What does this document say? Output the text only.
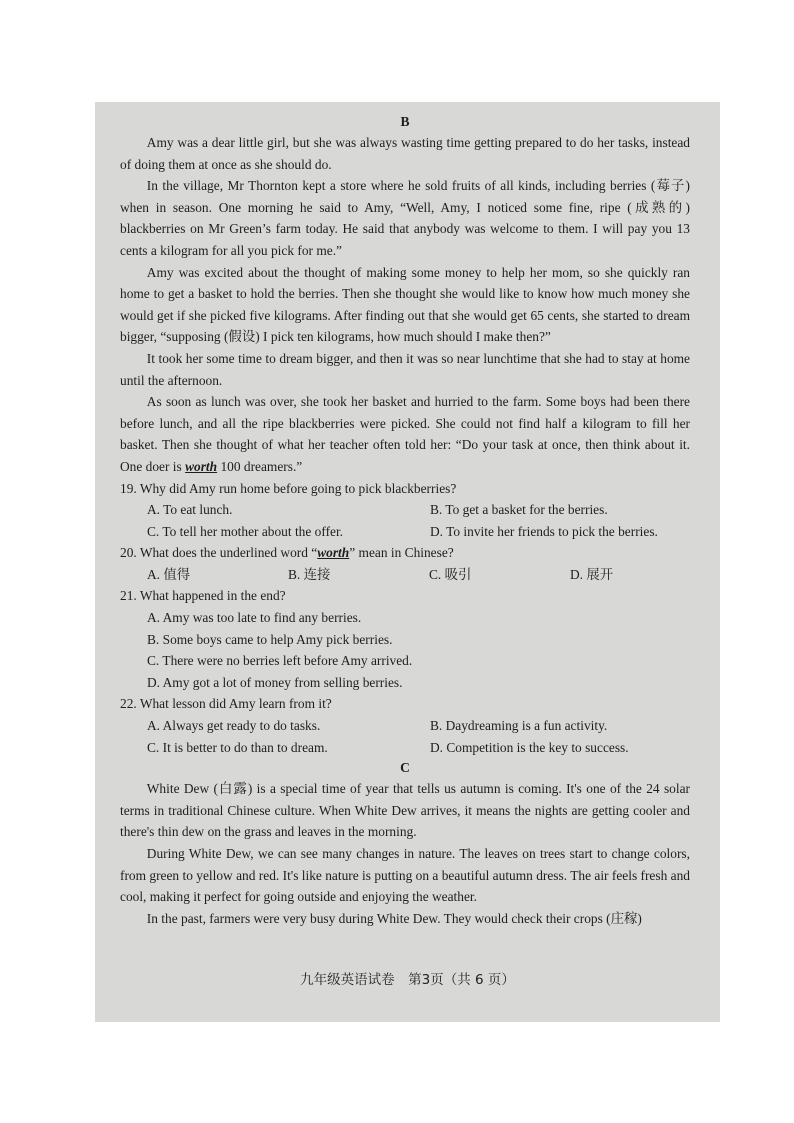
B

Amy was a dear little girl, but she was always wasting time getting prepared to do her tasks, instead of doing them at once as she should do.

In the village, Mr Thornton kept a store where he sold fruits of all kinds, including berries (莓子) when in season. One morning he said to Amy, “Well, Amy, I noticed some fine, ripe (成熟的) blackberries on Mr Green’s farm today. He said that anybody was welcome to them. I will pay you 13 cents a kilogram for all you pick for me.”

Amy was excited about the thought of making some money to help her mom, so she quickly ran home to get a basket to hold the berries. Then she thought she would like to know how much money she would get if she picked five kilograms. After finding out that she would get 65 cents, she started to dream bigger, “supposing (假设) I pick ten kilograms, how much should I make then?”

It took her some time to dream bigger, and then it was so near lunchtime that she had to stay at home until the afternoon.

As soon as lunch was over, she took her basket and hurried to the farm. Some boys had been there before lunch, and all the ripe blackberries were picked. She could not find half a kilogram to fill her basket. Then she thought of what her teacher often told her: “Do your task at once, then think about it. One doer is worth 100 dreamers.”

19. Why did Amy run home before going to pick blackberries?
A. To eat lunch.	B. To get a basket for the berries.
C. To tell her mother about the offer.	D. To invite her friends to pick the berries.
20. What does the underlined word “worth” mean in Chinese?
A. 值得	B. 连接	C. 吸引	D. 展开
21. What happened in the end?
A. Amy was too late to find any berries.
B. Some boys came to help Amy pick berries.
C. There were no berries left before Amy arrived.
D. Amy got a lot of money from selling berries.
22. What lesson did Amy learn from it?
A. Always get ready to do tasks.	B. Daydreaming is a fun activity.
C. It is better to do than to dream.	D. Competition is the key to success.
C

White Dew (白露) is a special time of year that tells us autumn is coming. It's one of the 24 solar terms in traditional Chinese culture. When White Dew arrives, it means the nights are getting cooler and there's thin dew on the grass and leaves in the morning.

During White Dew, we can see many changes in nature. The leaves on trees start to change colors, from green to yellow and red. It's like nature is putting on a beautiful autumn dress. The air feels fresh and cool, making it perfect for going outside and enjoying the weather.

In the past, farmers were very busy during White Dew. They would check their crops (庄稼)

九年级英语试卷　第3页（共 6 页）
